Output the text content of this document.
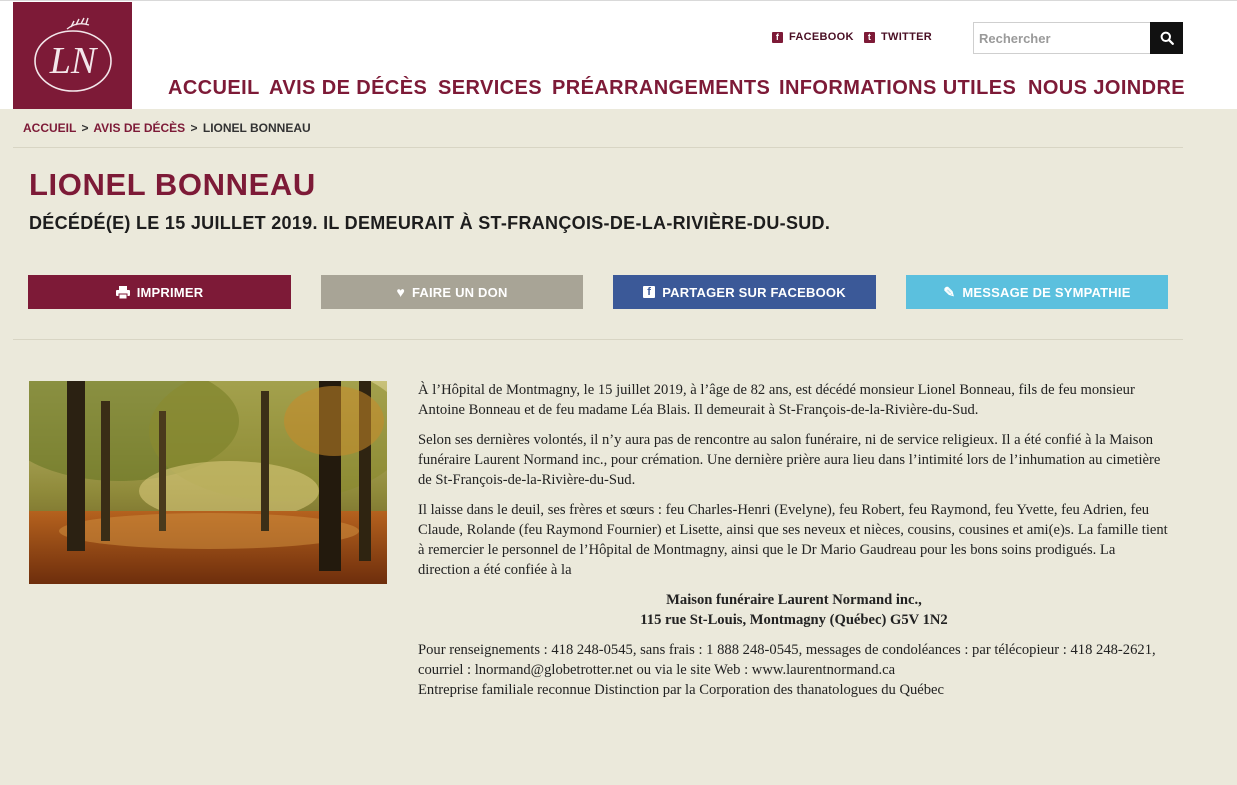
LN
f FACEBOOK	t TWITTER
Rechercher
ACCUEIL AVIS DE DÉCÈS SERVICES PRÉARRANGEMENTS INFORMATIONS UTILES NOUS JOINDRE
ACCUEIL > AVIS DE DÉCÈS > LIONEL BONNEAU
LIONEL BONNEAU
DÉCÉDÉ(E) LE 15 JUILLET 2019. IL DEMEURAIT À ST-FRANÇOIS-DE-LA-RIVIÈRE-DU-SUD.
IMPRIMER	♥ FAIRE UN DON	f PARTAGER SUR FACEBOOK	✎ MESSAGE DE SYMPATHIE

À l’Hôpital de Montmagny, le 15 juillet 2019, à l’âge de 82 ans, est décédé monsieur Lionel Bonneau, fils de feu monsieur Antoine Bonneau et de feu madame Léa Blais. Il demeurait à St-François-de-la-Rivière-du-Sud.

Selon ses dernières volontés, il n’y aura pas de rencontre au salon funéraire, ni de service religieux. Il a été confié à la Maison funéraire Laurent Normand inc., pour crémation. Une dernière prière aura lieu dans l’intimité lors de l’inhumation au cimetière de St-François-de-la-Rivière-du-Sud.

Il laisse dans le deuil, ses frères et sœurs : feu Charles-Henri (Evelyne), feu Robert, feu Raymond, feu Yvette, feu Adrien, feu Claude, Rolande (feu Raymond Fournier) et Lisette, ainsi que ses neveux et nièces, cousins, cousines et ami(e)s. La famille tient à remercier le personnel de l’Hôpital de Montmagny, ainsi que le Dr Mario Gaudreau pour les bons soins prodigués. La direction a été confiée à la

Maison funéraire Laurent Normand inc.,

115 rue St-Louis, Montmagny (Québec) G5V 1N2

Pour renseignements : 418 248-0545, sans frais : 1 888 248-0545, messages de condoléances : par télécopieur : 418 248-2621, courriel : lnormand@globetrotter.net ou via le site Web : www.laurentnormand.ca

Entreprise familiale reconnue Distinction par la Corporation des thanatologues du Québec
